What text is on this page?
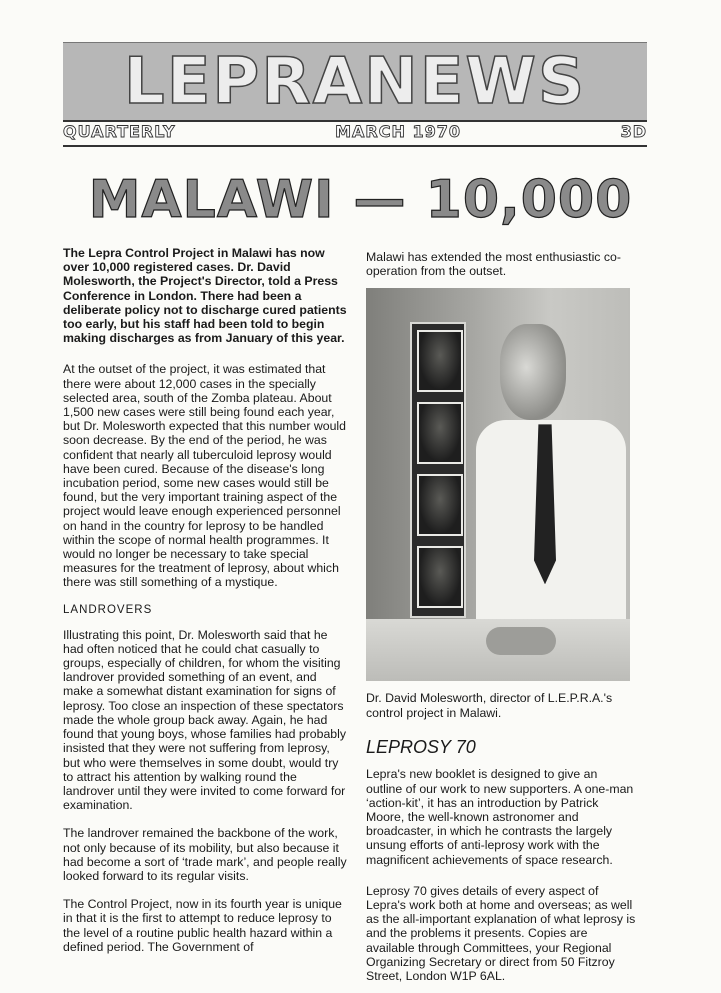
LEPRANEWS
QUARTERLY	MARCH 1970	3D
MALAWI — 10,000

The Lepra Control Project in Malawi has now over 10,000 registered cases. Dr. David Molesworth, the Project's Director, told a Press Conference in London. There had been a deliberate policy not to discharge cured patients too early, but his staff had been told to begin making discharges as from January of this year.

At the outset of the project, it was estimated that there were about 12,000 cases in the specially selected area, south of the Zomba plateau. About 1,500 new cases were still being found each year, but Dr. Molesworth expected that this number would soon decrease. By the end of the period, he was confident that nearly all tuberculoid leprosy would have been cured. Because of the disease's long incubation period, some new cases would still be found, but the very important training aspect of the project would leave enough experienced personnel on hand in the country for leprosy to be handled within the scope of normal health programmes. It would no longer be necessary to take special measures for the treatment of leprosy, about which there was still something of a mystique.

LANDROVERS

Illustrating this point, Dr. Molesworth said that he had often noticed that he could chat casually to groups, especially of children, for whom the visiting landrover provided something of an event, and make a somewhat distant examination for signs of leprosy. Too close an inspection of these spectators made the whole group back away. Again, he had found that young boys, whose families had probably insisted that they were not suffering from leprosy, but who were themselves in some doubt, would try to attract his attention by walking round the landrover until they were invited to come forward for examination.

The landrover remained the backbone of the work, not only because of its mobility, but also because it had become a sort of ‘trade mark’, and people really looked forward to its regular visits.

The Control Project, now in its fourth year is unique in that it is the first to attempt to reduce leprosy to the level of a routine public health hazard within a defined period. The Government of

Malawi has extended the most enthusiastic co-operation from the outset.

Dr. David Molesworth, director of L.E.P.R.A.'s control project in Malawi.

LEPROSY 70

Lepra's new booklet is designed to give an outline of our work to new supporters. A one-man ‘action-kit’, it has an introduction by Patrick Moore, the well-known astronomer and broadcaster, in which he contrasts the largely unsung efforts of anti-leprosy work with the magnificent achievements of space research.

Leprosy 70 gives details of every aspect of Lepra's work both at home and overseas; as well as the all-important explanation of what leprosy is and the problems it presents. Copies are available through Committees, your Regional Organizing Secretary or direct from 50 Fitzroy Street, London W1P 6AL.
